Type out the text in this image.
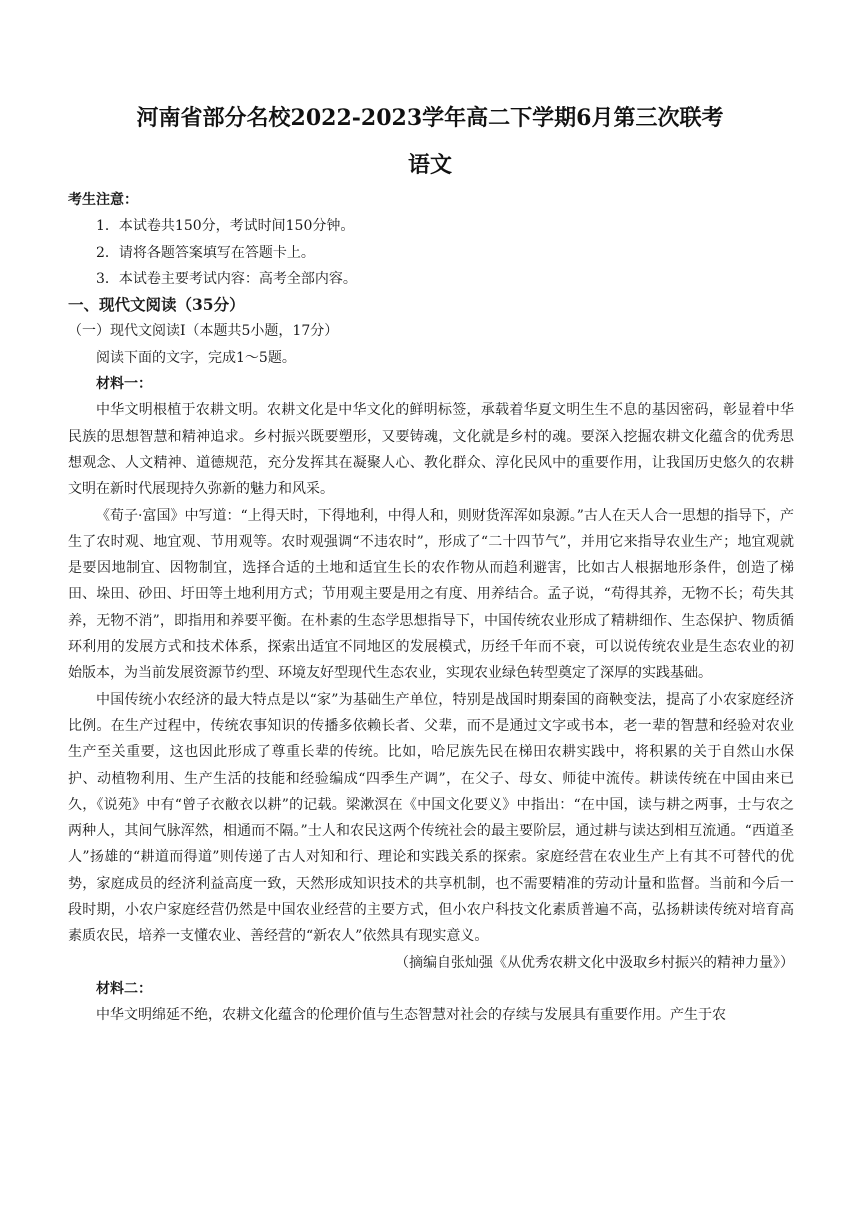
河南省部分名校2022-2023学年高二下学期6月第三次联考
语文

考生注意：

1．本试卷共150分，考试时间150分钟。

2．请将各题答案填写在答题卡上。

3．本试卷主要考试内容：高考全部内容。

一、现代文阅读（35分）

（一）现代文阅读Ⅰ（本题共5小题，17分）

阅读下面的文字，完成1～5题。

材料一：

中华文明根植于农耕文明。农耕文化是中华文化的鲜明标签，承载着华夏文明生生不息的基因密码，彰显着中华民族的思想智慧和精神追求。乡村振兴既要塑形，又要铸魂，文化就是乡村的魂。要深入挖掘农耕文化蕴含的优秀思想观念、人文精神、道德规范，充分发挥其在凝聚人心、教化群众、淳化民风中的重要作用，让我国历史悠久的农耕文明在新时代展现持久弥新的魅力和风采。

《荀子·富国》中写道：“上得天时，下得地利，中得人和，则财货浑浑如泉源。”古人在天人合一思想的指导下，产生了农时观、地宜观、节用观等。农时观强调“不违农时”，形成了“二十四节气”，并用它来指导农业生产；地宜观就是要因地制宜、因物制宜，选择合适的土地和适宜生长的农作物从而趋利避害，比如古人根据地形条件，创造了梯田、垛田、砂田、圩田等土地利用方式；节用观主要是用之有度、用养结合。孟子说，“苟得其养，无物不长；苟失其养，无物不消”，即指用和养要平衡。在朴素的生态学思想指导下，中国传统农业形成了精耕细作、生态保护、物质循环利用的发展方式和技术体系，探索出适宜不同地区的发展模式，历经千年而不衰，可以说传统农业是生态农业的初始版本，为当前发展资源节约型、环境友好型现代生态农业，实现农业绿色转型奠定了深厚的实践基础。

中国传统小农经济的最大特点是以“家”为基础生产单位，特别是战国时期秦国的商鞅变法，提高了小农家庭经济比例。在生产过程中，传统农事知识的传播多依赖长者、父辈，而不是通过文字或书本，老一辈的智慧和经验对农业生产至关重要，这也因此形成了尊重长辈的传统。比如，哈尼族先民在梯田农耕实践中，将积累的关于自然山水保护、动植物利用、生产生活的技能和经验编成“四季生产调”，在父子、母女、师徒中流传。耕读传统在中国由来已久，《说苑》中有“曾子衣敝衣以耕”的记载。梁漱溟在《中国文化要义》中指出：“在中国，读与耕之两事，士与农之两种人，其间气脉浑然，相通而不隔。”士人和农民这两个传统社会的最主要阶层，通过耕与读达到相互流通。“西道圣人”扬雄的“耕道而得道”则传递了古人对知和行、理论和实践关系的探索。家庭经营在农业生产上有其不可替代的优势，家庭成员的经济利益高度一致，天然形成知识技术的共享机制，也不需要精准的劳动计量和监督。当前和今后一段时期，小农户家庭经营仍然是中国农业经营的主要方式，但小农户科技文化素质普遍不高，弘扬耕读传统对培育高素质农民，培养一支懂农业、善经营的“新农人”依然具有现实意义。

（摘编自张灿强《从优秀农耕文化中汲取乡村振兴的精神力量》）

材料二：

中华文明绵延不绝，农耕文化蕴含的伦理价值与生态智慧对社会的存续与发展具有重要作用。产生于农
